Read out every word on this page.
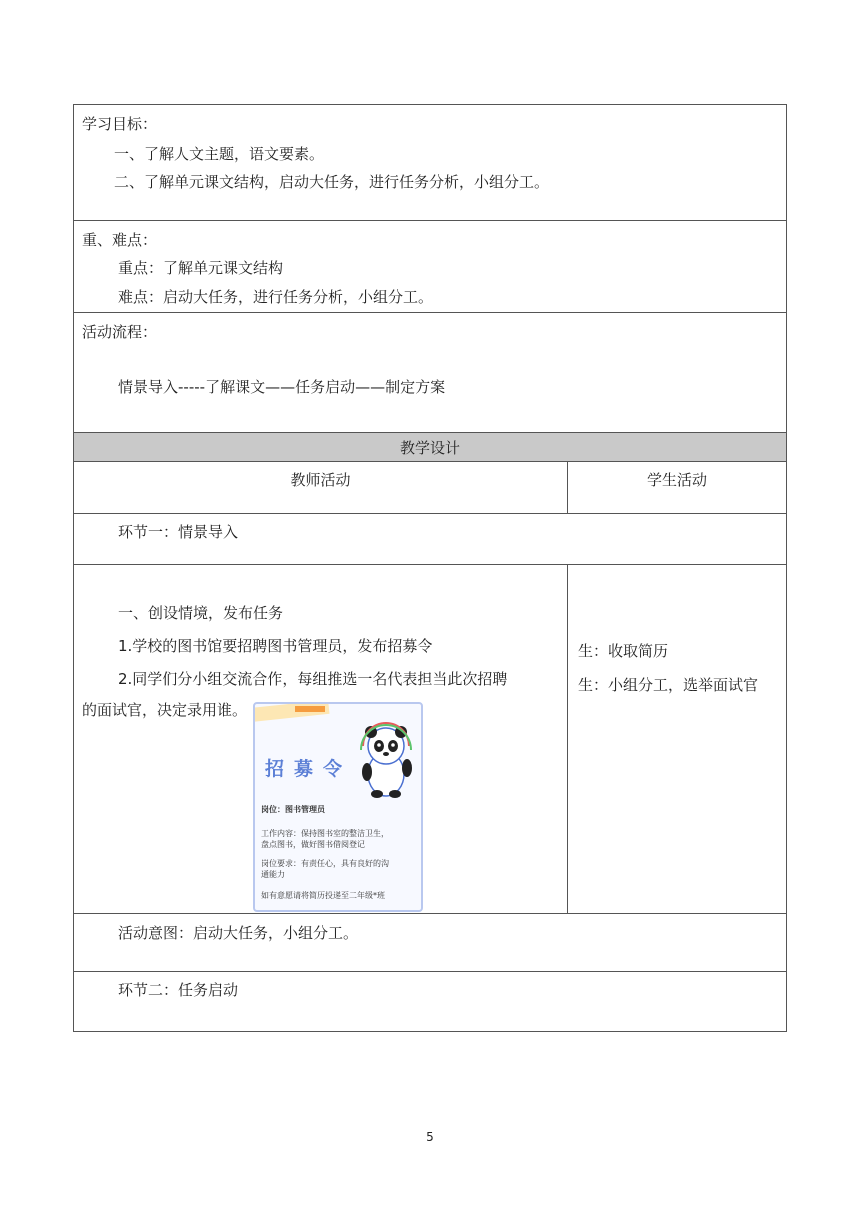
学习目标：
一、了解人文主题，语文要素。
二、了解单元课文结构，启动大任务，进行任务分析，小组分工。
重、难点：
重点：了解单元课文结构
难点：启动大任务，进行任务分析，小组分工。
活动流程：
情景导入-----了解课文——任务启动——制定方案
教学设计
教师活动	学生活动
环节一：情景导入
一、创设情境，发布任务
1.学校的图书馆要招聘图书管理员，发布招募令
2.同学们分小组交流合作，每组推选一名代表担当此次招聘
的面试官，决定录用谁。
生：收取简历
生：小组分工，选举面试官
招募令
岗位：图书管理员
工作内容：保持图书室的整洁卫生，
盘点图书，做好图书借阅登记
岗位要求：有责任心，具有良好的沟
通能力
如有意愿请将简历投递至二年级*班
活动意图：启动大任务，小组分工。
环节二：任务启动
5
